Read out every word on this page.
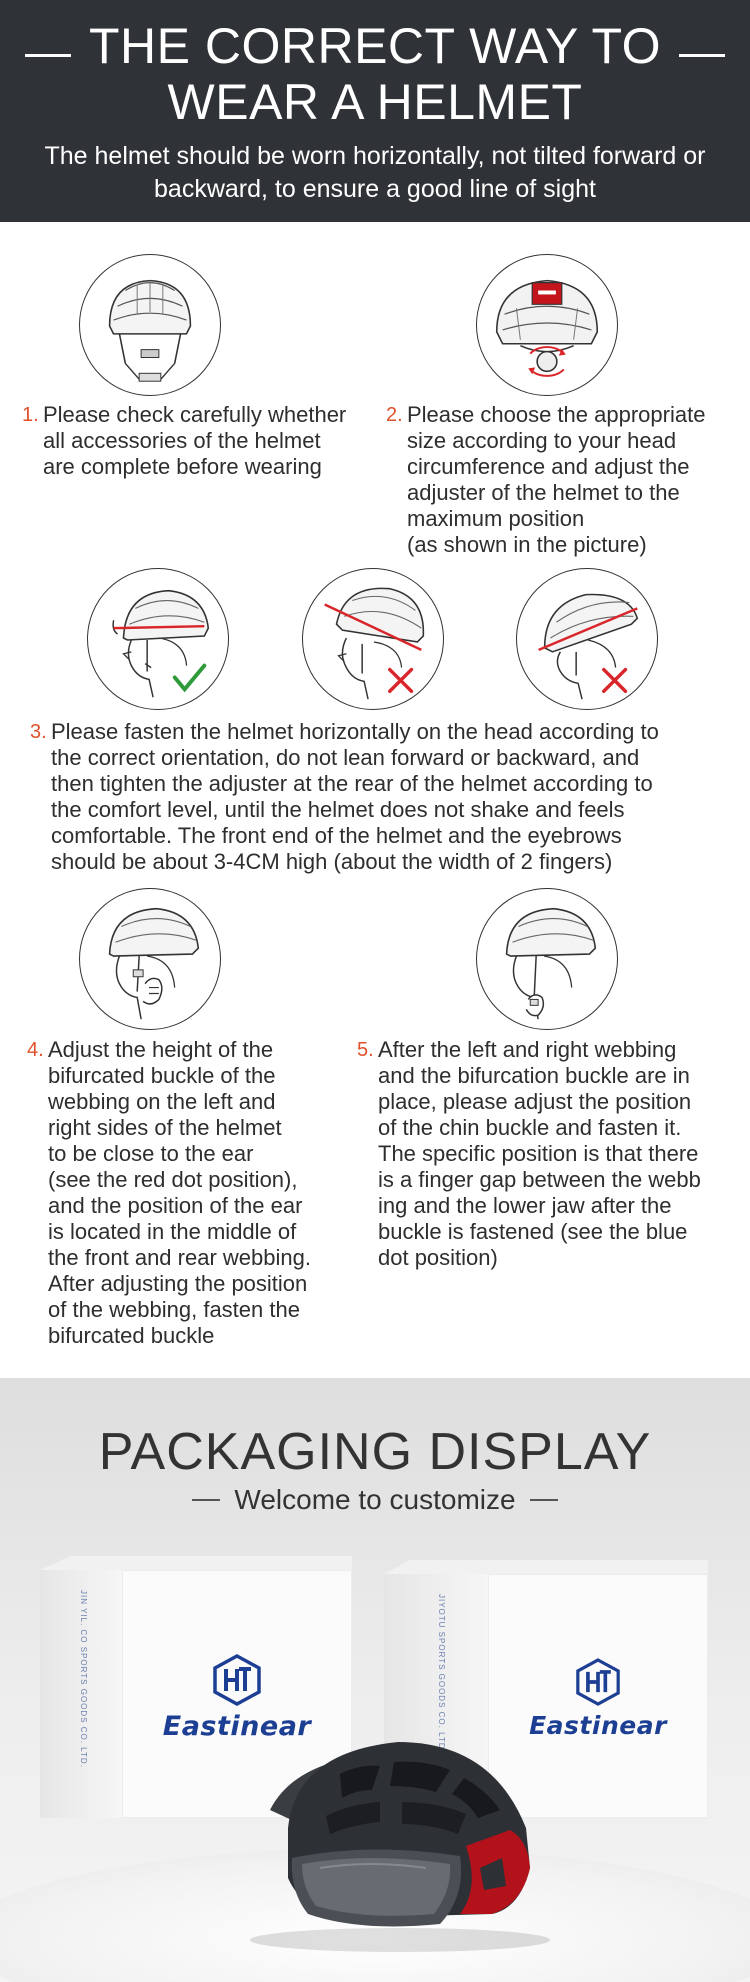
THE CORRECT WAY TO
WEAR A HELMET
The helmet should be worn horizontally, not tilted forward or backward, to ensure a good line of sight
1. Please check carefully whether
all accessories of the helmet
are complete before wearing
2. Please choose the appropriate
size according to your head
circumference and adjust the
adjuster of the helmet to the
maximum position
(as shown in the picture)
3. Please fasten the helmet horizontally on the head according to
the correct orientation, do not lean forward or backward, and
then tighten the adjuster at the rear of the helmet according to
the comfort level, until the helmet does not shake and feels
comfortable. The front end of the helmet and the eyebrows
should be about 3-4CM high (about the width of 2 fingers)
4. Adjust the height of the
bifurcated buckle of the
webbing on the left and
right sides of the helmet
to be close to the ear
(see the red dot position),
and the position of the ear
is located in the middle of
the front and rear webbing.
After adjusting the position
of the webbing, fasten the
bifurcated buckle
5. After the left and right webbing
and the bifurcation buckle are in
place, please adjust the position
of the chin buckle and fasten it.
The specific position is that there
is a finger gap between the webb
ing and the lower jaw after the
buckle is fastened (see the blue
dot position)
PACKAGING DISPLAY
Welcome to customize
JIN YIL. CO SPORTS GOODS CO. LTD.	Eastinear	JIYOTU SPORTS GOODS CO. LTD.	Eastinear
